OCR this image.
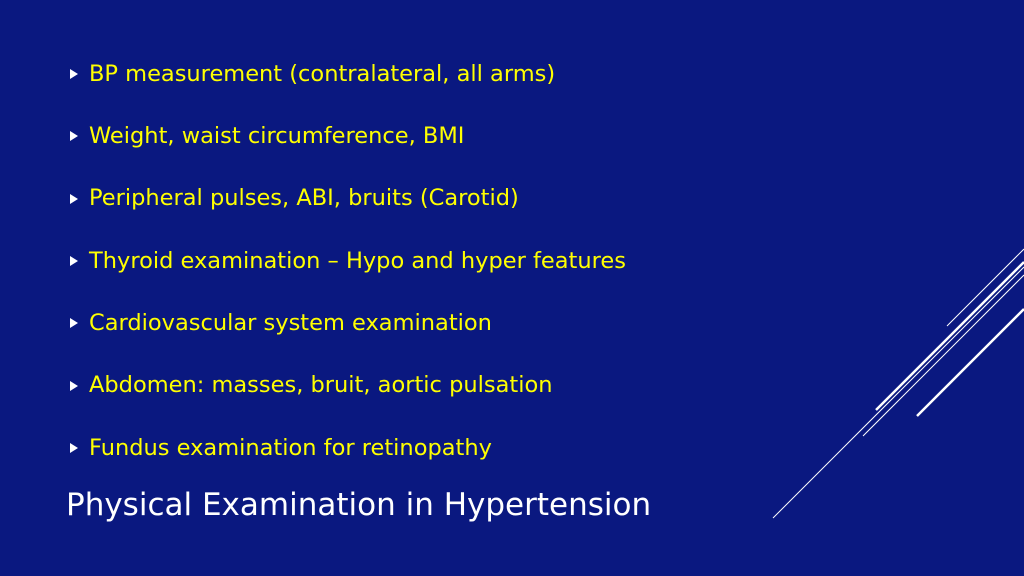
BP measurement (contralateral, all arms)
Weight, waist circumference, BMI
Peripheral pulses, ABI, bruits (Carotid)
Thyroid examination – Hypo and hyper features
Cardiovascular system examination
Abdomen: masses, bruit, aortic pulsation
Fundus examination for retinopathy
Physical Examination in Hypertension
